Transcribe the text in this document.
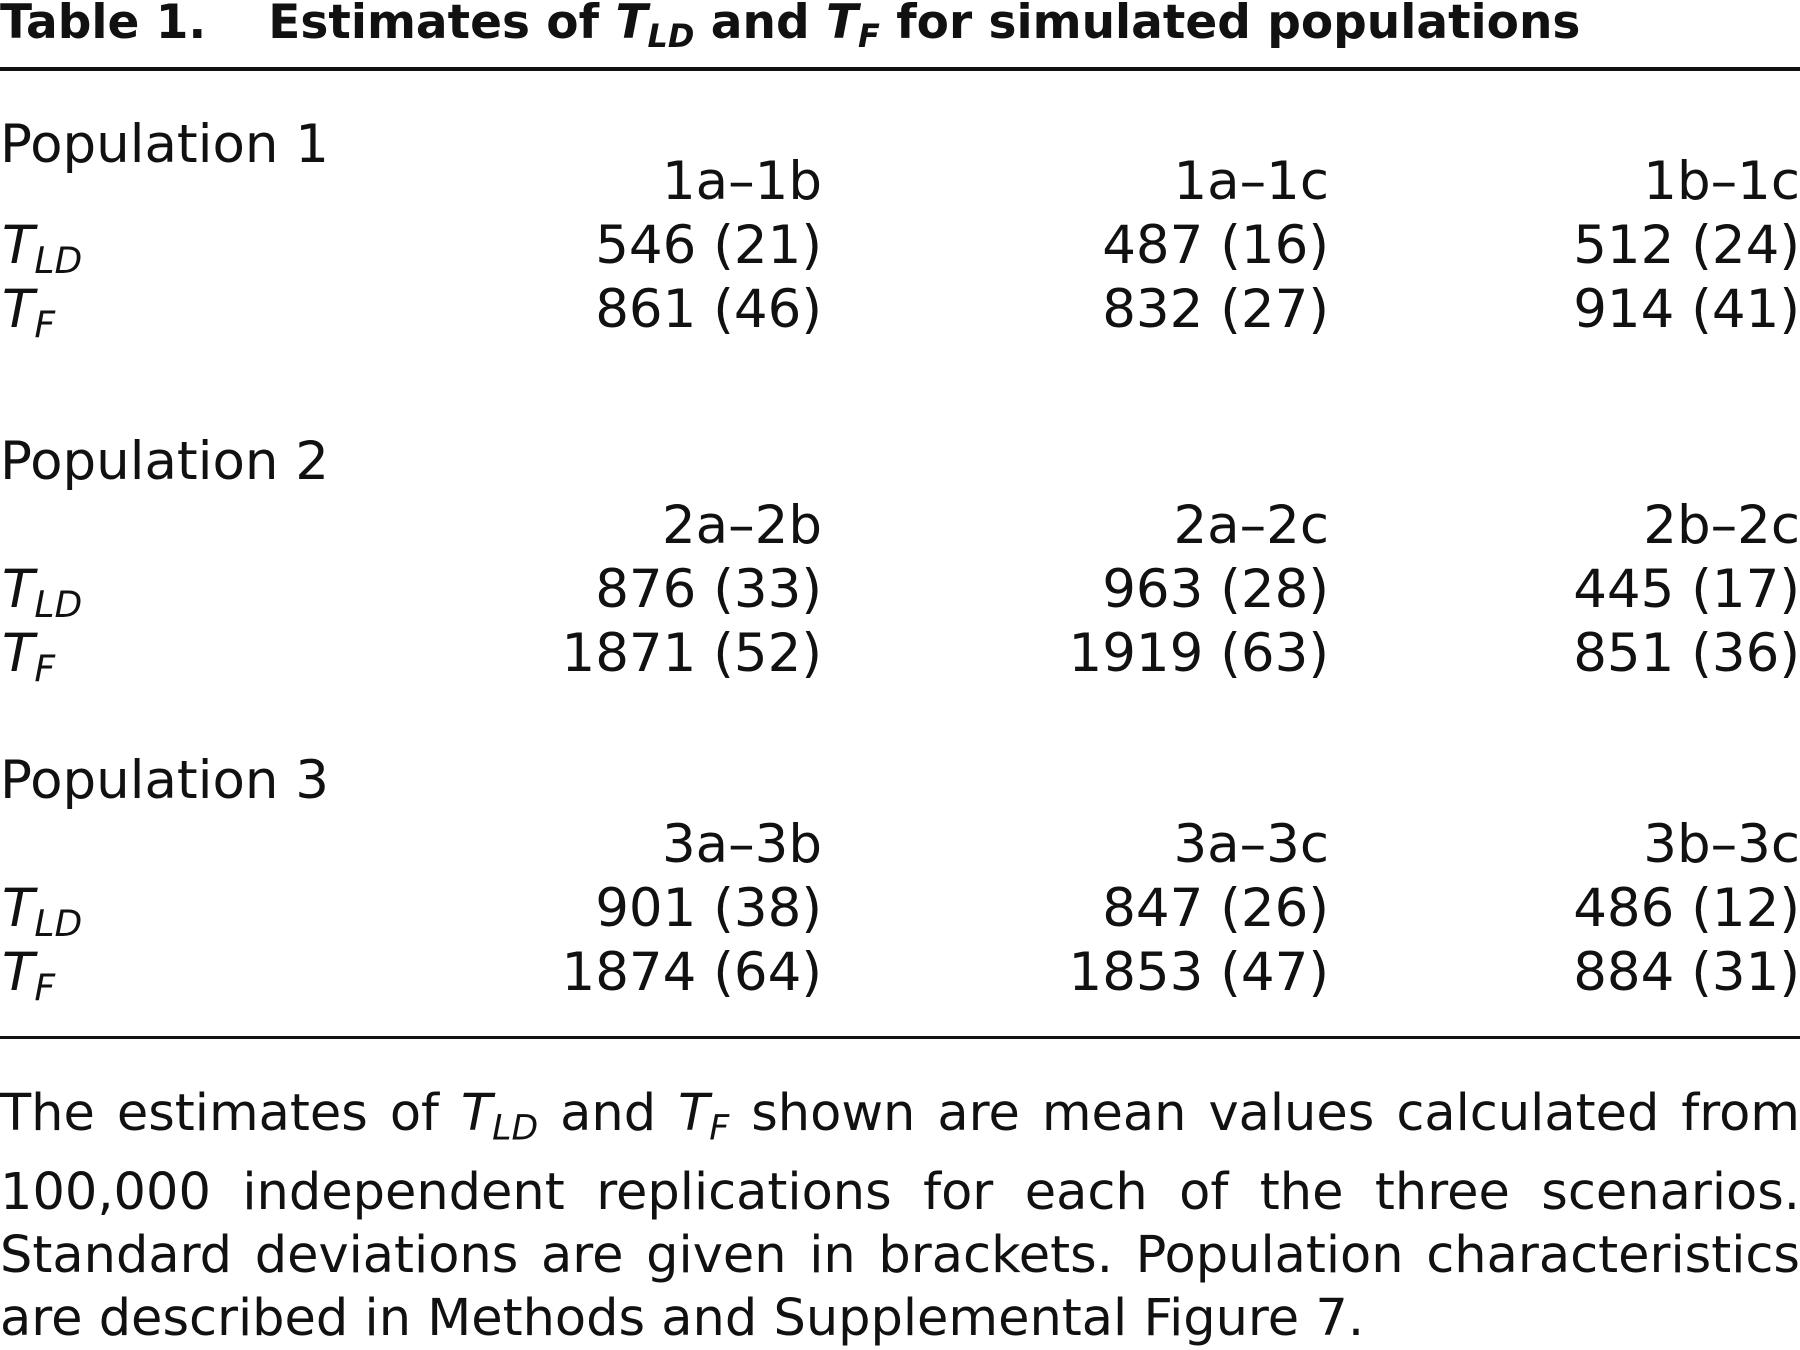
Table 1. Estimates of $T_{LD}$ and $T_F$ for simulated populations
Population 1
1a–1b	1a–1c	1b–1c
$T_{LD}$	546 (21)	487 (16)	512 (24)
$T_F$	861 (46)	832 (27)	914 (41)
Population 2
2a–2b	2a–2c	2b–2c
$T_{LD}$	876 (33)	963 (28)	445 (17)
$T_F$	1871 (52)	1919 (63)	851 (36)
Population 3
3a–3b	3a–3c	3b–3c
$T_{LD}$	901 (38)	847 (26)	486 (12)
$T_F$	1874 (64)	1853 (47)	884 (31)
The estimates of $T_{LD}$ and $T_F$ shown are mean values calculated from 100,000 independent replications for each of the three scenarios. Standard deviations are given in brackets. Population characteristics are described in Methods and Supplemental Figure 7.
